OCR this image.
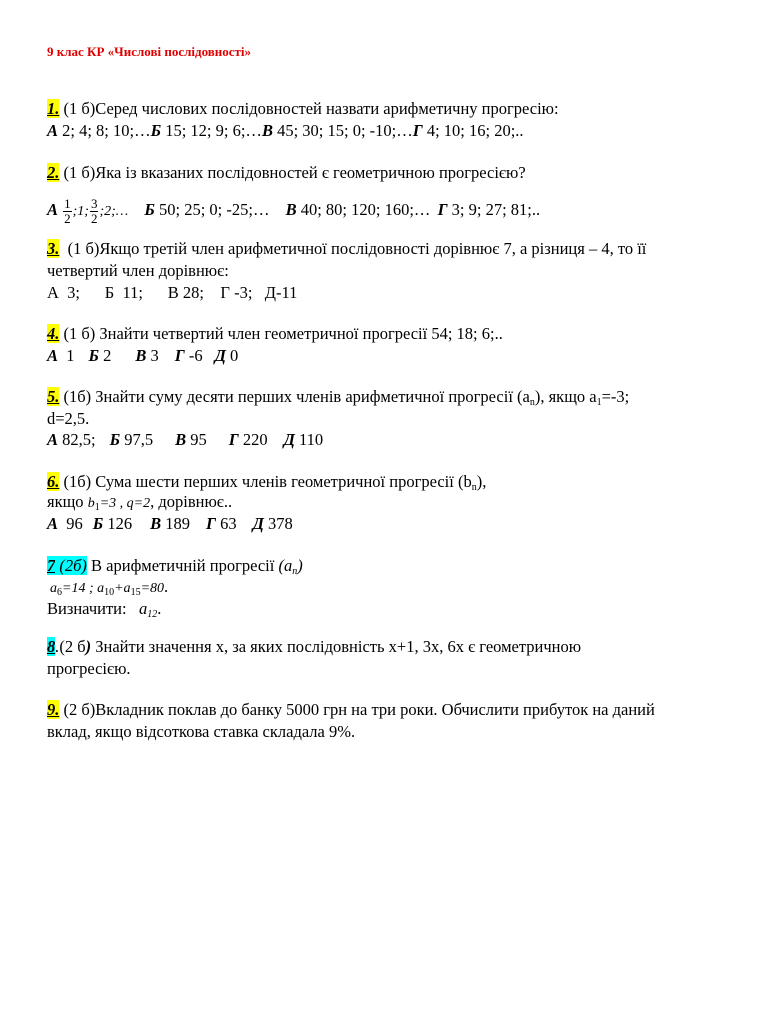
9 клас КР «Числові послідовності»
1. (1 б)Серед числових послідовностей назвати арифметичну прогресію:
А 2; 4; 8; 10;…Б 15; 12; 9; 6;…В 45; 30; 15; 0; -10;…Г 4; 10; 16; 20;..
2. (1 б)Яка із вказаних послідовностей є геометричною прогресією?
А $\frac{1}{2}$ ;1; $\frac{3}{2}$ ;2;… Б 50; 25; 0; -25;… В 40; 80; 120; 160;… Г 3; 9; 27; 81;..
3.  (1 б)Якщо третій член арифметичної послідовності дорівнює 7, а різниця – 4, то її
четвертий член дорівнює:
А  3;      Б  11;      В 28;    Г -3;   Д-11
4. (1 б) Знайти четвертий член геометричної прогресії 54; 18; 6;..
А  1 Б 2 В 3 Г -6 Д 0
5. (1б) Знайти суму десяти перших членів арифметичної прогресії $(a_n)$, якщо $a_1=-3$;
d=2,5.
А 82,5; Б 97,5 В 95 Г 220 Д 110
6. (1б) Сума шести перших членів геометричної прогресії $(b_n)$,
якщо $b_1=3$ , q=2, дорівнює..
А  96 Б 126 В 189 Г 63 Д 378
7 (2б) В арифметичній прогресії $(a_n)$
$a_6=14$ ; $a_{10}+a_{15}=80$.
Визначити:   $a_{12}$.
8.(2 б) Знайти значення х, за яких послідовність х+1, 3х, 6х є геометричною
прогресією.
9. (2 б)Вкладник поклав до банку 5000 грн на три роки. Обчислити прибуток на даний
вклад, якщо відсоткова ставка складала 9%.
